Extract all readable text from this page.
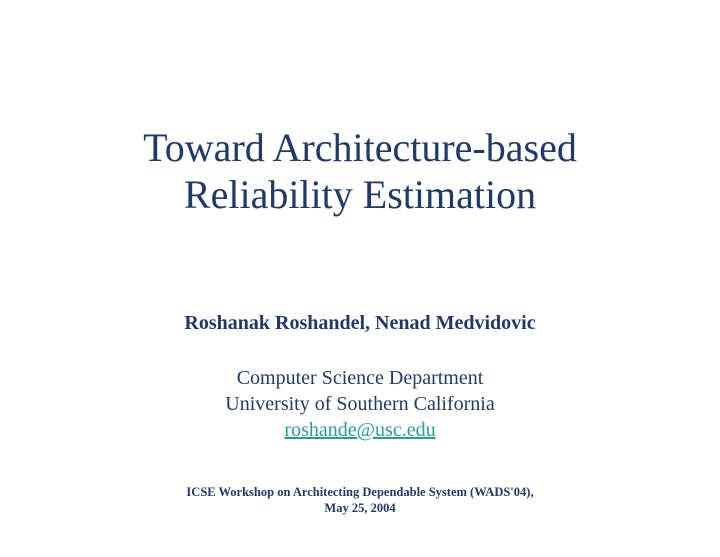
Toward Architecture-based
Reliability Estimation

Roshanak Roshandel, Nenad Medvidovic

Computer Science Department
University of Southern California
roshande@usc.edu
ICSE Workshop on Architecting Dependable System (WADS'04),
May 25, 2004
